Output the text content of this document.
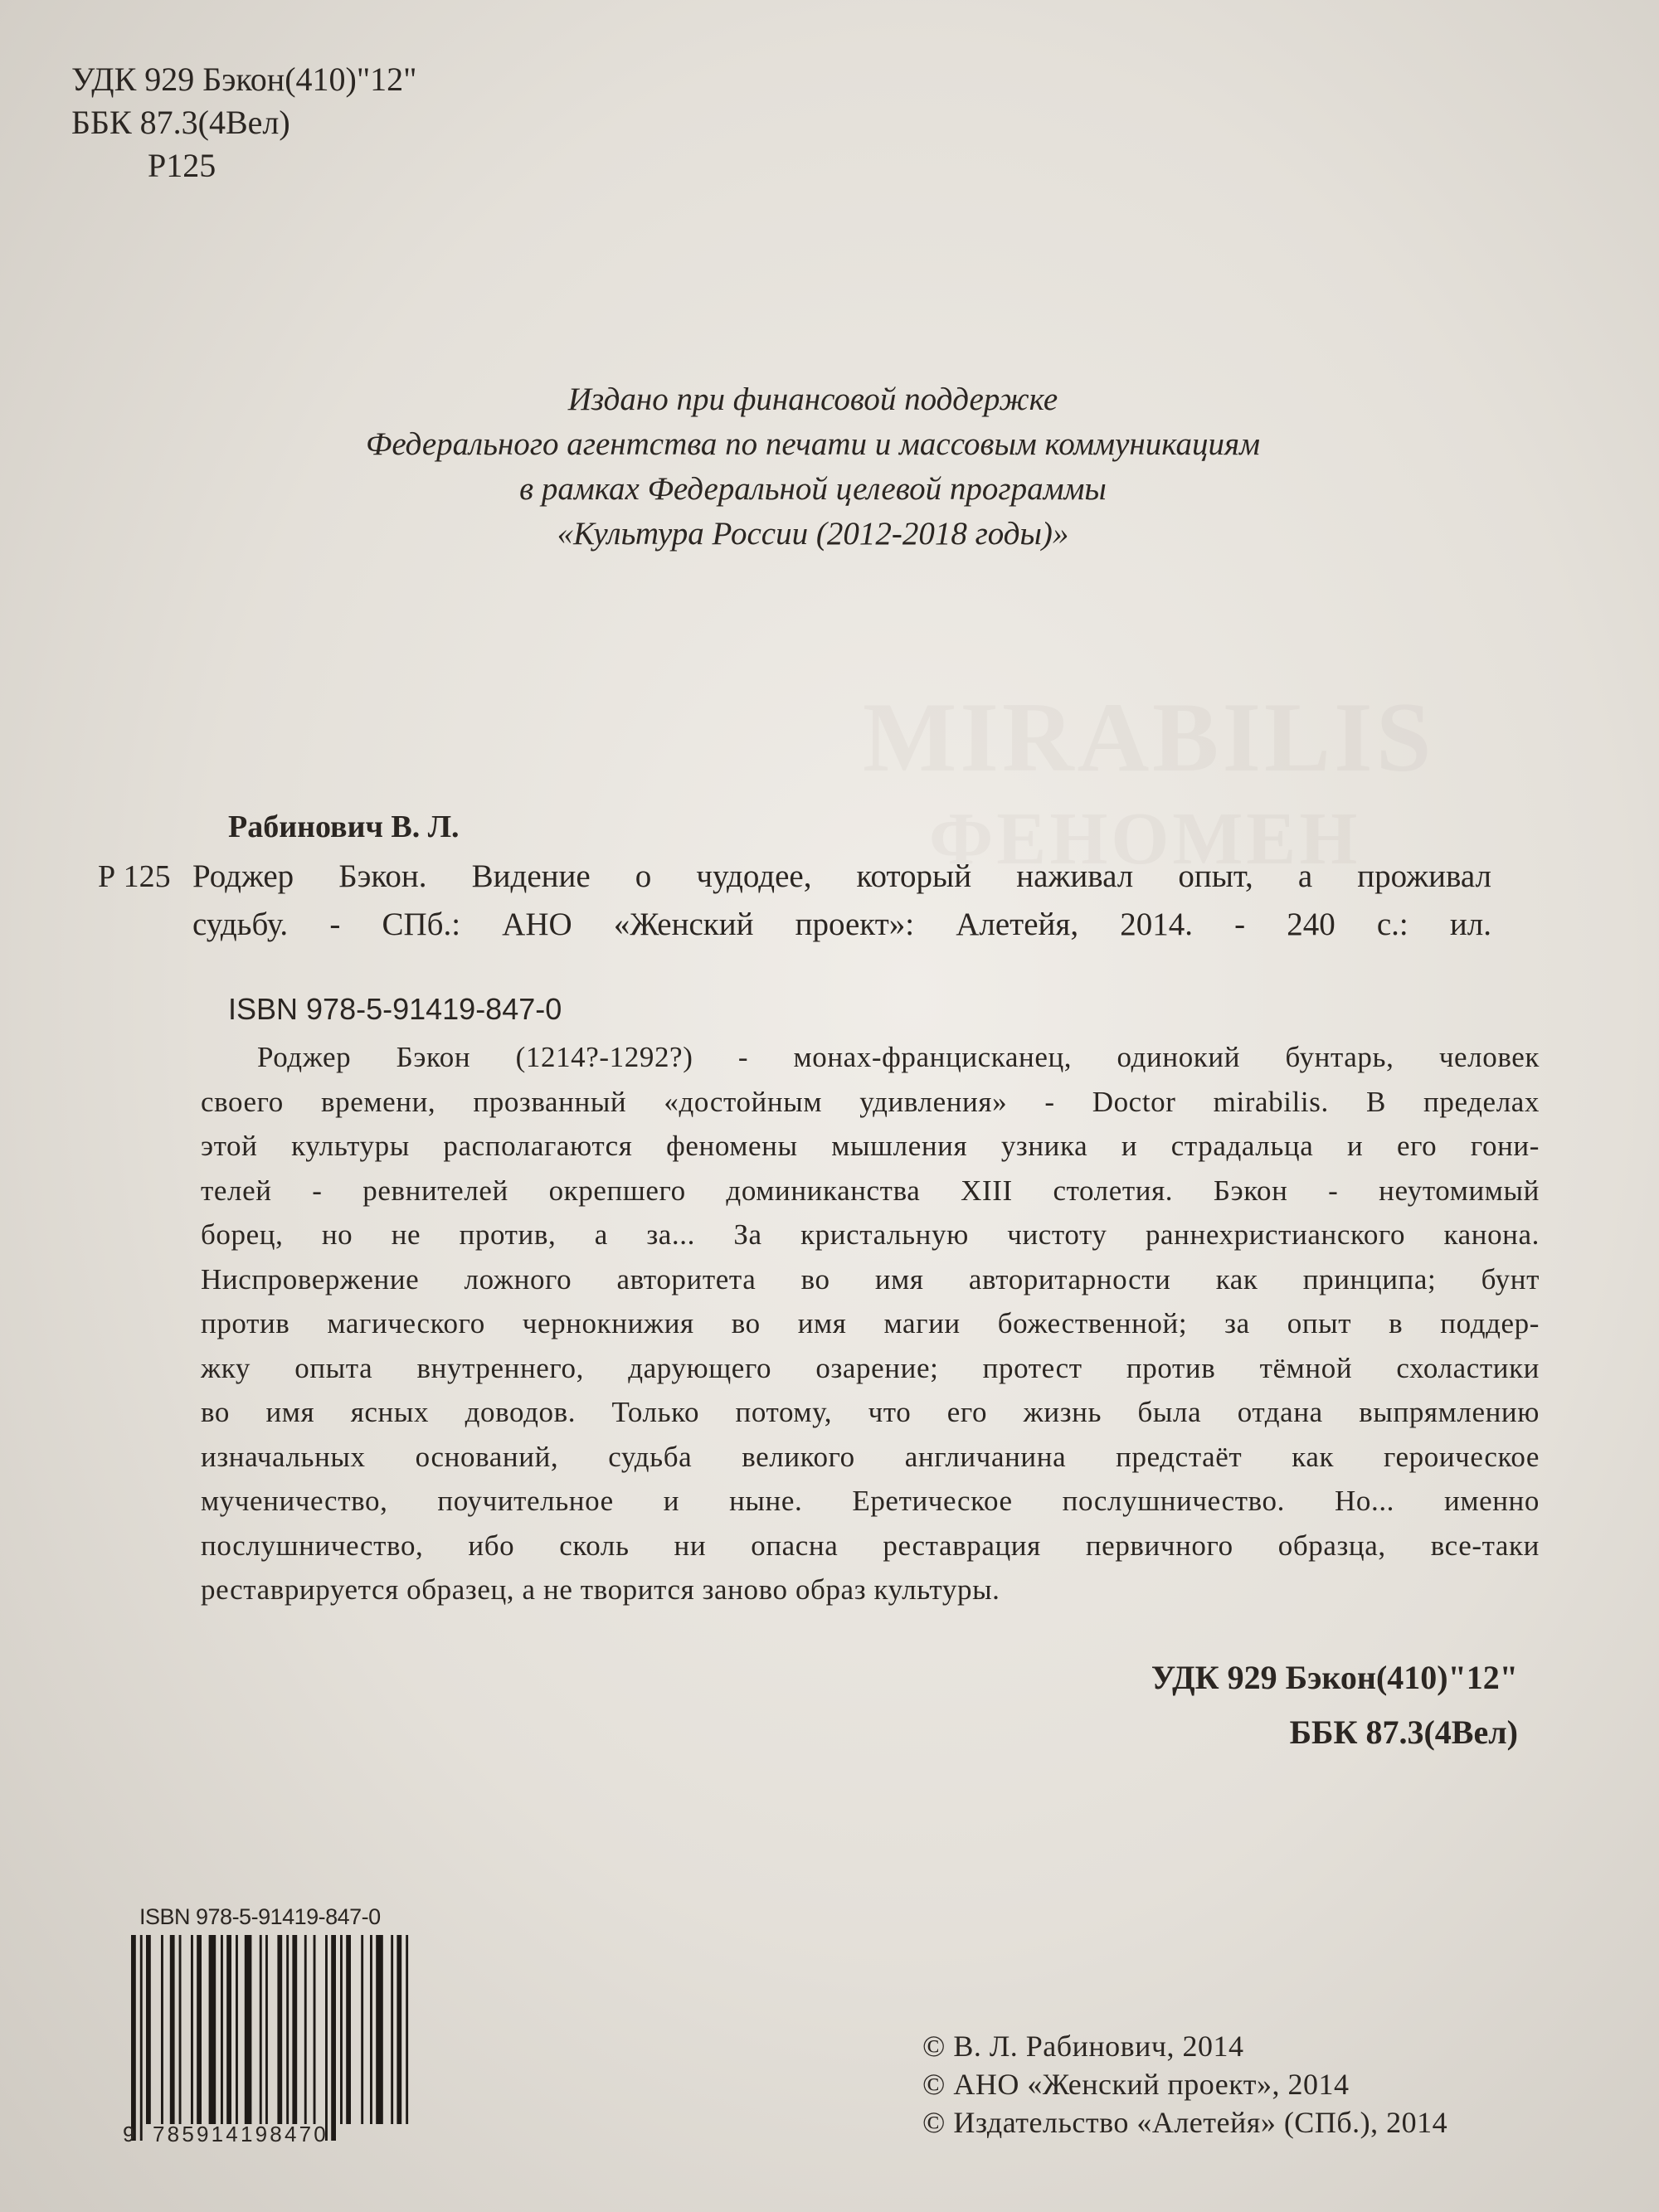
MIRABILIS
ФЕНОМЕН
УДК 929 Бэкон(410)"12"
ББК 87.3(4Вел)
Р125
Издано при финансовой поддержке
Федерального агентства по печати и массовым коммуникациям
в рамках Федеральной целевой программы
«Культура России (2012-2018 годы)»
Рабинович В. Л.
Р 125 Роджер Бэкон. Видение о чудодее, который наживал опыт, а проживал
судьбу. - СПб.: АНО «Женский проект»: Алетейя, 2014. - 240 с.: ил.
ISBN 978-5-91419-847-0
Роджер Бэкон (1214?-1292?) - монах-францисканец, одинокий бунтарь, человек
своего времени, прозванный «достойным удивления» - Doctor mirabilis. В пределах
этой культуры располагаются феномены мышления узника и страдальца и его гони-
телей - ревнителей окрепшего доминиканства XIII столетия. Бэкон - неутомимый
борец, но не против, а за... За кристальную чистоту раннехристианского канона.
Ниспровержение ложного авторитета во имя авторитарности как принципа; бунт
против магического чернокнижия во имя магии божественной; за опыт в поддер-
жку опыта внутреннего, дарующего озарение; протест против тёмной схоластики
во имя ясных доводов. Только потому, что его жизнь была отдана выпрямлению
изначальных оснований, судьба великого англичанина предстаёт как героическое
мученичество, поучительное и ныне. Еретическое послушничество. Но... именно
послушничество, ибо сколь ни опасна реставрация первичного образца, все-таки
реставрируется образец, а не творится заново образ культуры.
УДК 929 Бэкон(410)"12"
ББК 87.3(4Вел)
ISBN 978-5-91419-847-0
9 785914198470
© В. Л. Рабинович, 2014
© АНО «Женский проект», 2014
© Издательство «Алетейя» (СПб.), 2014
